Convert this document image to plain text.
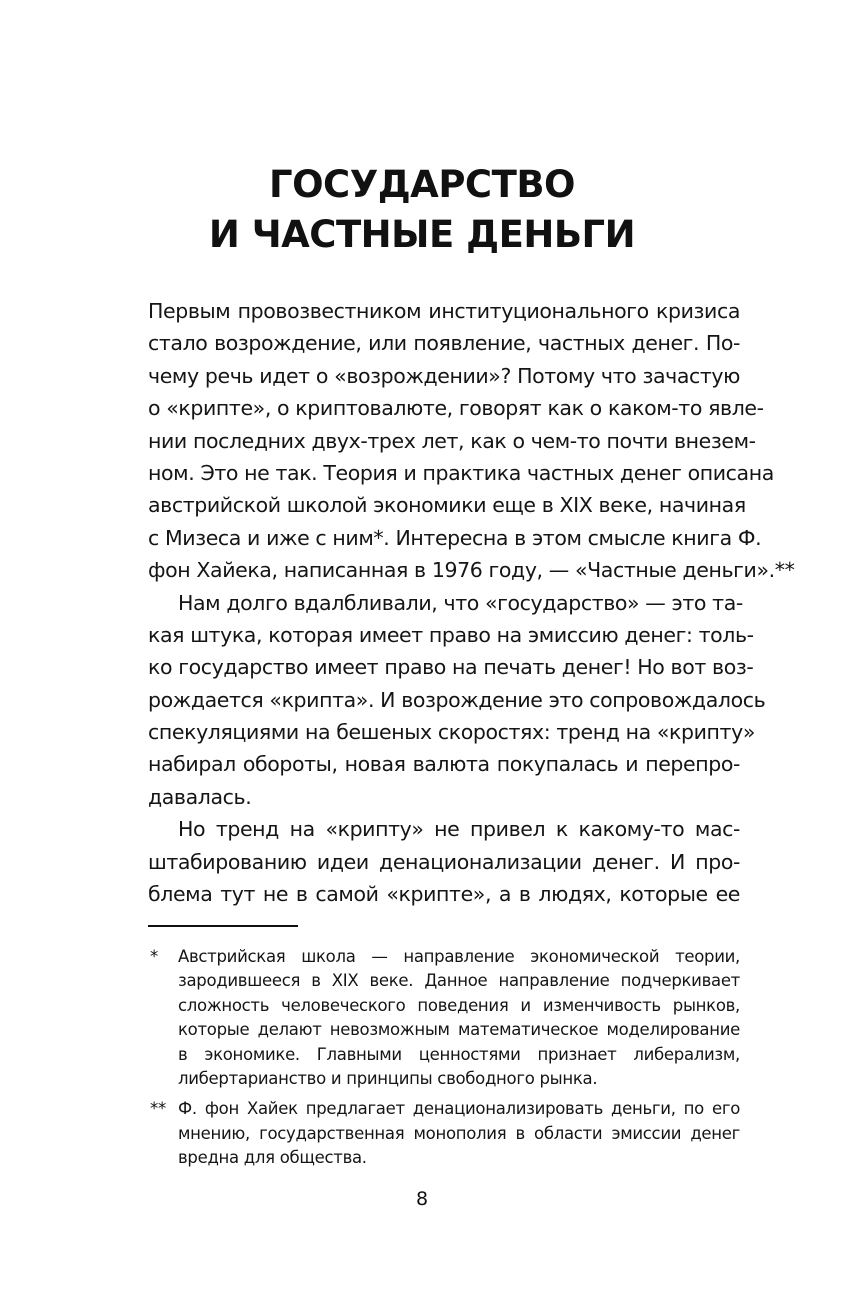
ГОСУДАРСТВО
И ЧАСТНЫЕ ДЕНЬГИ
Первым провозвестником институционального кризиса
стало возрождение, или появление, частных денег. По-
чему речь идет о «возрождении»? Потому что зачастую
о «крипте», о криптовалюте, говорят как о каком-то явле-
нии последних двух-трех лет, как о чем-то почти внезем-
ном. Это не так. Теория и практика частных денег описана
австрийской школой экономики еще в XIX веке, начиная
с Мизеса и иже с ним*. Интересна в этом смысле книга Ф.
фон Хайека, написанная в 1976 году, — «Частные деньги».**
Нам долго вдалбливали, что «государство» — это та-
кая штука, которая имеет право на эмиссию денег: толь-
ко государство имеет право на печать денег! Но вот воз-
рождается «крипта». И возрождение это сопровождалось
спекуляциями на бешеных скоростях: тренд на «крипту»
набирал обороты, новая валюта покупалась и перепро-
давалась.
Но тренд на «крипту» не привел к какому-то мас-
штабированию идеи денационализации денег. И про-
блема тут не в самой «крипте», а в людях, которые ее
* Австрийская школа — направление экономической теории,
зародившееся в XIX веке. Данное направление подчеркивает
сложность человеческого поведения и изменчивость рынков,
которые делают невозможным математическое моделирование
в экономике. Главными ценностями признает либерализм,
либертарианство и принципы свободного рынка.
** Ф. фон Хайек предлагает денационализировать деньги, по его
мнению, государственная монополия в области эмиссии денег
вредна для общества.
8
